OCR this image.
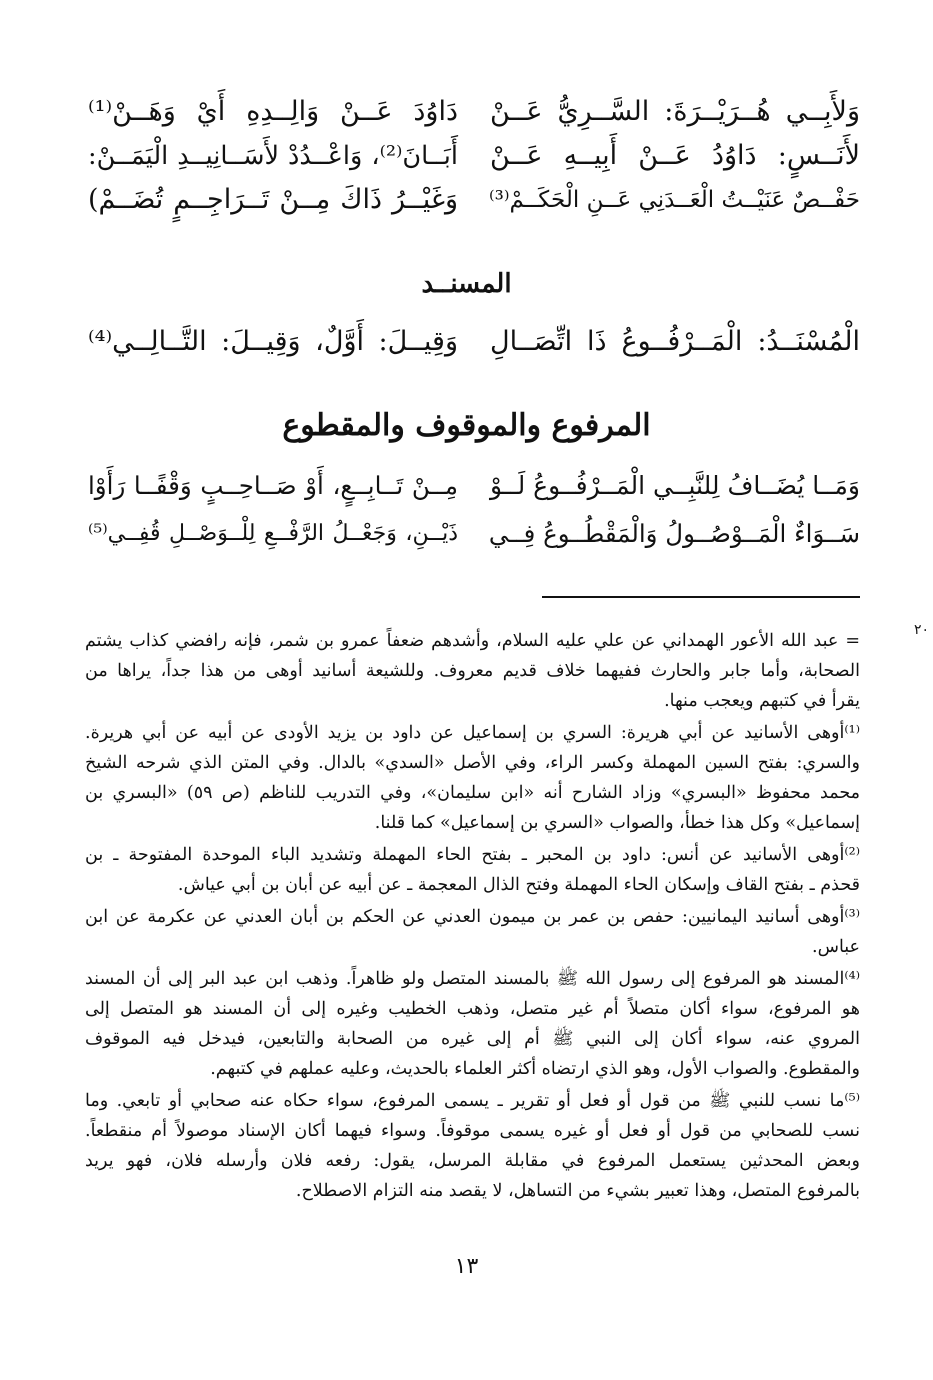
وَلأَبِــي هُــرَيْــرَةَ: السَّــرِيُّ عَــنْ
دَاوُدَ عَــنْ وَالِــدِهِ أَيْ وَهَــنْ⁽¹⁾
لأَنَــسٍ: دَاوُدُ عَــنْ أَبِيــهِ عَــنْ
أَبَــانَ⁽²⁾، وَاعْــدُدْ لأَسَــانِيــدِ الْيَمَــنْ:
حَفْــصٌ عَنَيْــتُ الْعَــدَنِي عَــنِ الْحَكَــمْ⁽³⁾
وَغَيْــرُ ذَاكَ مِــنْ تَــرَاجِــمٍ تُضَــمْ)
المسنــد
الْمُسْنَــدُ: الْمَــرْفُــوعُ ذَا اتِّصَــالِ
وَقِيــلَ: أَوَّلٌ، وَقِيــلَ: التَّــالِــي⁽⁴⁾
المرفوع والموقوف والمقطوع
وَمَــا يُضَــافُ لِلنَّبِــي الْمَــرْفُــوعُ لَــوْ
مِــنْ تَــابِــعٍ، أَوْ صَــاحِــبٍ وَقْفًــا رَأَوْا
سَــوَاءٌ الْمَــوْصُــولُ وَالْمَقْطُــوعُ فِــي
ذَيْــنِ، وَجَعْــلُ الرَّفْــعِ لِلْــوَصْــلِ قُفِــي⁽⁵⁾
٢٠
= عبد الله الأعور الهمداني عن علي عليه السلام، وأشدهم ضعفاً عمرو بن شمر، فإنه رافضي كذاب يشتم
الصحابة، وأما جابر والحارث ففيهما خلاف قديم معروف. وللشيعة أسانيد أوهى من هذا جداً، يراها من
يقرأ في كتبهم ويعجب منها.
⁽¹⁾أوهى الأسانيد عن أبي هريرة: السري بن إسماعيل عن داود بن يزيد الأودى عن أبيه عن أبي هريرة.
والسري: بفتح السين المهملة وكسر الراء، وفي الأصل «السدي» بالدال. وفي المتن الذي شرحه الشيخ
محمد محفوظ «البسري» وزاد الشارح أنه «ابن سليمان»، وفي التدريب للناظم (ص ٥٩) «البسري بن
إسماعيل» وكل هذا خطأ، والصواب «السري بن إسماعيل» كما قلنا.
⁽²⁾أوهى الأسانيد عن أنس: داود بن المحبر ـ بفتح الحاء المهملة وتشديد الباء الموحدة المفتوحة ـ بن
قحذم ـ بفتح القاف وإسكان الحاء المهملة وفتح الذال المعجمة ـ عن أبيه عن أبان بن أبي عياش.
⁽³⁾أوهى أسانيد اليمانيين: حفص بن عمر بن ميمون العدني عن الحكم بن أبان العدني عن عكرمة عن ابن
عباس.
⁽⁴⁾المسند هو المرفوع إلى رسول الله ﷺ بالمسند المتصل ولو ظاهراً. وذهب ابن عبد البر إلى أن المسند
هو المرفوع، سواء أكان متصلاً أم غير متصل، وذهب الخطيب وغيره إلى أن المسند هو المتصل إلى
المروي عنه، سواء أكان إلى النبي ﷺ أم إلى غيره من الصحابة والتابعين، فيدخل فيه الموقوف
والمقطوع. والصواب الأول، وهو الذي ارتضاه أكثر العلماء بالحديث، وعليه عملهم في كتبهم.
⁽⁵⁾ما نسب للنبي ﷺ من قول أو فعل أو تقرير ـ يسمى المرفوع، سواء حكاه عنه صحابي أو تابعي. وما
نسب للصحابي من قول أو فعل أو غيره يسمى موقوفاً. وسواء فيهما أكان الإسناد موصولاً أم منقطعاً.
وبعض المحدثين يستعمل المرفوع في مقابلة المرسل، يقول: رفعه فلان وأرسله فلان، فهو يريد
بالمرفوع المتصل، وهذا تعبير بشيء من التساهل، لا يقصد منه التزام الاصطلاح.
١٣
